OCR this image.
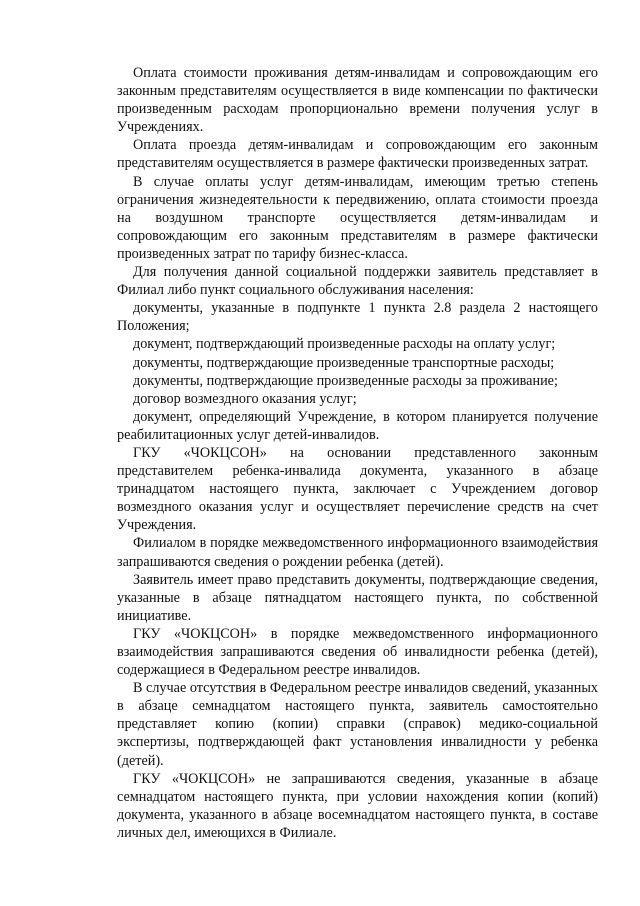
Оплата стоимости проживания детям-инвалидам и сопровождающим его законным представителям осуществляется в виде компенсации по фактически произведенным расходам пропорционально времени получения услуг в Учреждениях.

Оплата проезда детям-инвалидам и сопровождающим его законным представителям осуществляется в размере фактически произведенных затрат.

В случае оплаты услуг детям-инвалидам, имеющим третью степень ограничения жизнедеятельности к передвижению, оплата стоимости проезда на воздушном транспорте осуществляется детям-инвалидам и сопровождающим его законным представителям в размере фактически произведенных затрат по тарифу бизнес-класса.

Для получения данной социальной поддержки заявитель представляет в Филиал либо пункт социального обслуживания населения:

документы, указанные в подпункте 1 пункта 2.8 раздела 2 настоящего Положения;

документ, подтверждающий произведенные расходы на оплату услуг;

документы, подтверждающие произведенные транспортные расходы;

документы, подтверждающие произведенные расходы за проживание;

договор возмездного оказания услуг;

документ, определяющий Учреждение, в котором планируется получение реабилитационных услуг детей-инвалидов.

ГКУ «ЧОКЦСОН» на основании представленного законным представителем ребенка-инвалида документа, указанного в абзаце тринадцатом настоящего пункта, заключает с Учреждением договор возмездного оказания услуг и осуществляет перечисление средств на счет Учреждения.

Филиалом в порядке межведомственного информационного взаимодействия запрашиваются сведения о рождении ребенка (детей).

Заявитель имеет право представить документы, подтверждающие сведения, указанные в абзаце пятнадцатом настоящего пункта, по собственной инициативе.

ГКУ «ЧОКЦСОН» в порядке межведомственного информационного взаимодействия запрашиваются сведения об инвалидности ребенка (детей), содержащиеся в Федеральном реестре инвалидов.

В случае отсутствия в Федеральном реестре инвалидов сведений, указанных в абзаце семнадцатом настоящего пункта, заявитель самостоятельно представляет копию (копии) справки (справок) медико-социальной экспертизы, подтверждающей факт установления инвалидности у ребенка (детей).

ГКУ «ЧОКЦСОН» не запрашиваются сведения, указанные в абзаце семнадцатом настоящего пункта, при условии нахождения копии (копий) документа, указанного в абзаце восемнадцатом настоящего пункта, в составе личных дел, имеющихся в Филиале.
